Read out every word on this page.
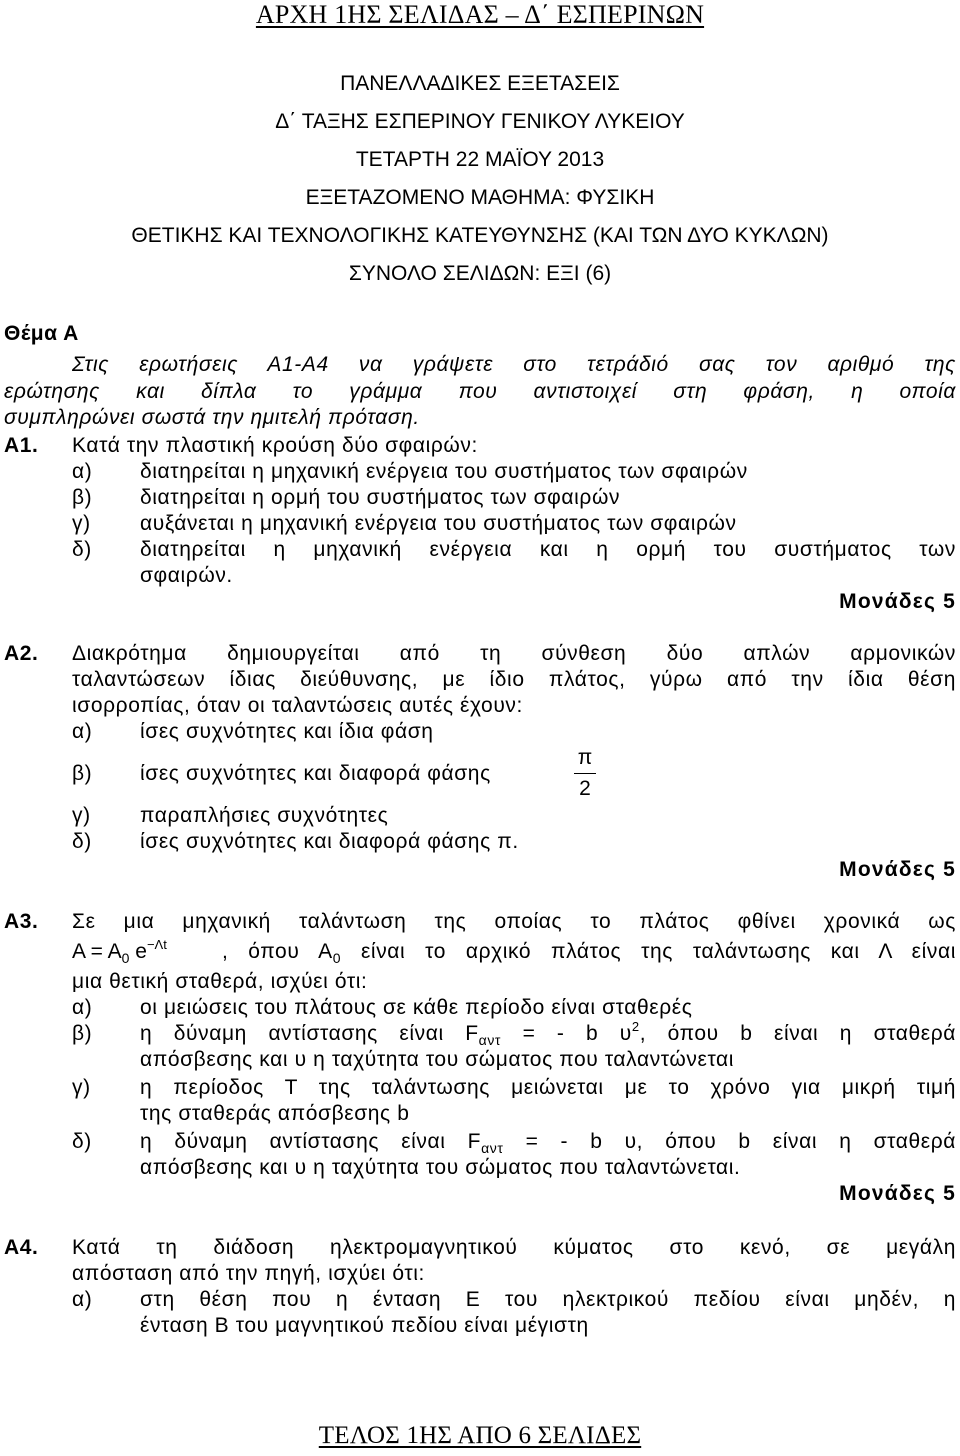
ΑΡΧΗ 1ΗΣ ΣΕΛΙΔΑΣ – Δ΄ ΕΣΠΕΡΙΝΩΝ
ΠΑΝΕΛΛΑΔΙΚΕΣ ΕΞΕΤΑΣΕΙΣ
Δ΄ ΤΑΞΗΣ ΕΣΠΕΡΙΝΟΥ ΓΕΝΙΚΟΥ ΛΥΚΕΙΟΥ
ΤΕΤΑΡΤΗ 22 ΜΑΪΟΥ 2013
ΕΞΕΤΑΖΟΜΕΝΟ ΜΑΘΗΜΑ: ΦΥΣΙΚΗ
ΘΕΤΙΚΗΣ ΚΑΙ ΤΕΧΝΟΛΟΓΙΚΗΣ ΚΑΤΕΥΘΥΝΣΗΣ (ΚΑΙ ΤΩΝ ΔΥΟ ΚΥΚΛΩΝ)
ΣΥΝΟΛΟ ΣΕΛΙΔΩΝ: ΕΞΙ (6)
Θέμα Α
Στις ερωτήσεις Α1-Α4 να γράψετε στο τετράδιό σας τον αριθμό της
ερώτησης και δίπλα το γράμμα που αντιστοιχεί στη φράση, η οποία
συμπληρώνει σωστά την ημιτελή πρόταση.
Α1. Κατά την πλαστική κρούση δύο σφαιρών:
α) διατηρείται η μηχανική ενέργεια του συστήματος των σφαιρών
β) διατηρείται η ορμή του συστήματος των σφαιρών
γ) αυξάνεται η μηχανική ενέργεια του συστήματος των σφαιρών
δ) διατηρείται η μηχανική ενέργεια και η ορμή του συστήματος των
σφαιρών.
Μονάδες 5
Α2. Διακρότημα δημιουργείται από τη σύνθεση δύο απλών αρμονικών
ταλαντώσεων ίδιας διεύθυνσης, με ίδιο πλάτος, γύρω από την ίδια θέση
ισορροπίας, όταν οι ταλαντώσεις αυτές έχουν:
α) ίσες συχνότητες και ίδια φάση
β) ίσες συχνότητες και διαφορά φάσης
π
2
γ) παραπλήσιες συχνότητες
δ) ίσες συχνότητες και διαφορά φάσης π.
Μονάδες 5
Α3. Σε μια μηχανική ταλάντωση της οποίας το πλάτος φθίνει χρονικά ως
$A = A_0$ $e^{-\Lambda t}$	, όπου $A_0$ είναι το αρχικό πλάτος της ταλάντωσης και Λ είναι
μια θετική σταθερά, ισχύει ότι:
α) οι μειώσεις του πλάτους σε κάθε περίοδο είναι σταθερές
β) η δύναμη αντίστασης είναι $F_{\alpha\nu\tau}$ = - b $\upsilon^2$, όπου b είναι η σταθερά
απόσβεσης και υ η ταχύτητα του σώματος που ταλαντώνεται
γ) η περίοδος Τ της ταλάντωσης μειώνεται με το χρόνο για μικρή τιμή
της σταθεράς απόσβεσης b
δ) η δύναμη αντίστασης είναι $F_{\alpha\nu\tau}$ = - b υ, όπου b είναι η σταθερά
απόσβεσης και υ η ταχύτητα του σώματος που ταλαντώνεται.
Μονάδες 5
Α4. Κατά τη διάδοση ηλεκτρομαγνητικού κύματος στο κενό, σε μεγάλη
απόσταση από την πηγή, ισχύει ότι:
α) στη θέση που η ένταση Ε του ηλεκτρικού πεδίου είναι μηδέν, η
ένταση Β του μαγνητικού πεδίου είναι μέγιστη
ΤΕΛΟΣ 1ΗΣ ΑΠΟ 6 ΣΕΛΙΔΕΣ
